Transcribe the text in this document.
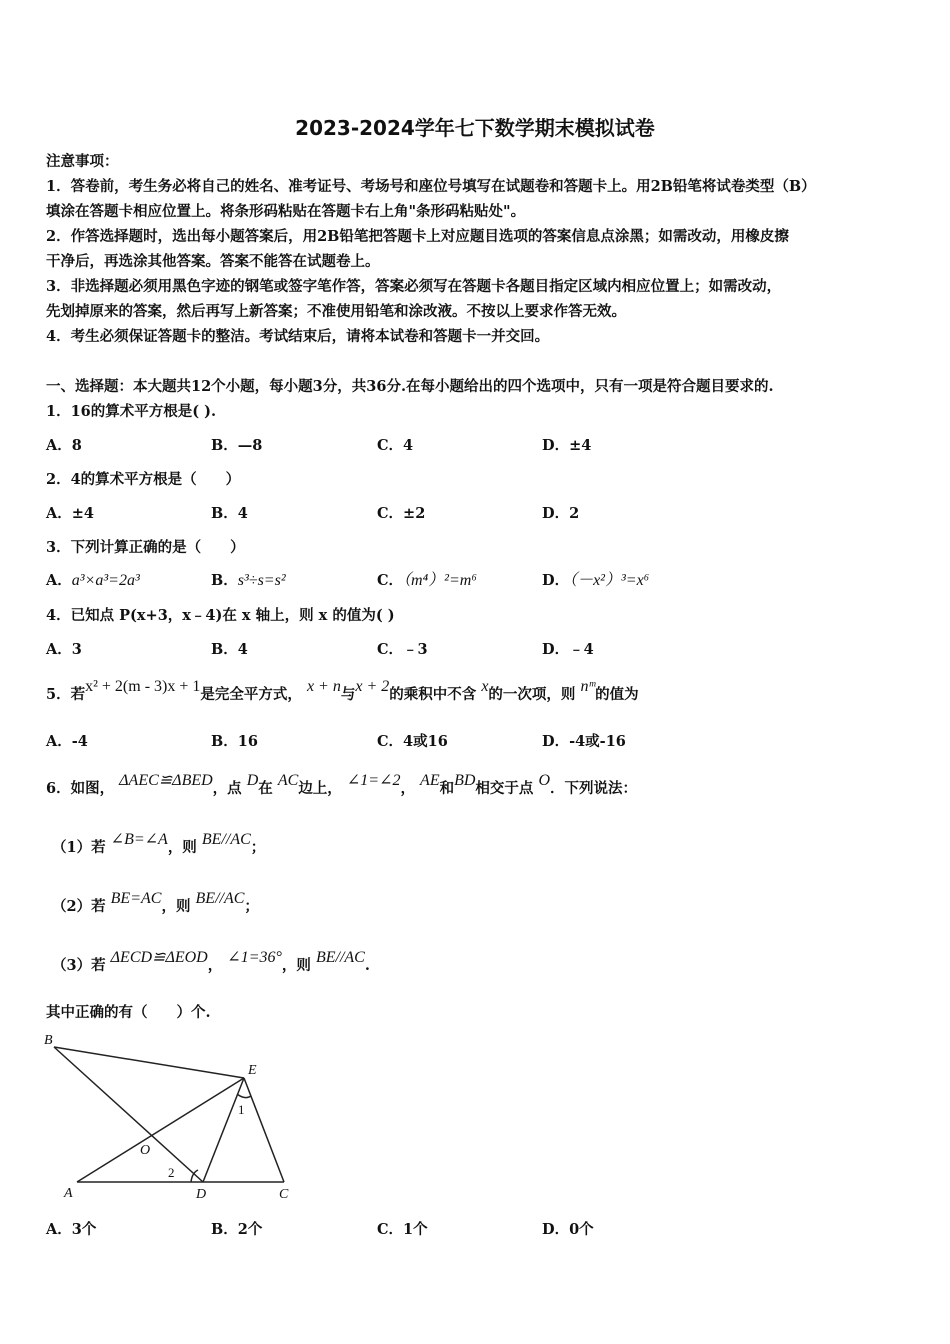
2023-2024学年七下数学期末模拟试卷
注意事项：
1．答卷前，考生务必将自己的姓名、准考证号、考场号和座位号填写在试题卷和答题卡上。用2B铅笔将试卷类型（B）
填涂在答题卡相应位置上。将条形码粘贴在答题卡右上角"条形码粘贴处"。
2．作答选择题时，选出每小题答案后，用2B铅笔把答题卡上对应题目选项的答案信息点涂黑；如需改动，用橡皮擦
干净后，再选涂其他答案。答案不能答在试题卷上。
3．非选择题必须用黑色字迹的钢笔或签字笔作答，答案必须写在答题卡各题目指定区域内相应位置上；如需改动，
先划掉原来的答案，然后再写上新答案；不准使用铅笔和涂改液。不按以上要求作答无效。
4．考生必须保证答题卡的整洁。考试结束后，请将本试卷和答题卡一并交回。
一、选择题：本大题共12个小题，每小题3分，共36分.在每小题给出的四个选项中，只有一项是符合题目要求的.
1．16的算术平方根是( ).
A．8	B．—8	C．4	D．±4
2．4的算术平方根是（　　）
A．±4	B．4	C．±2	D．2
3．下列计算正确的是（　　）
A．a³×a³=2a³	B．s³÷s=s²	C．（m⁴）²=m⁶	D．（－x²）³=x⁶
4．已知点 P(x+3，x﹣4)在 x 轴上，则 x 的值为( )
A．3	B．4	C．﹣3	D．﹣4
5．若x² + 2(m - 3)x + 1是完全平方式， x + n与x + 2的乘积中不含 x的一次项，则 nᵐ的值为
A．-4	B．16	C．4或16	D．-4或-16
6．如图， ΔAEC≌ΔBED，点 D在 AC边上， ∠1=∠2， AE和BD相交于点 O．下列说法：
（1）若 ∠B=∠A，则 BE//AC；
（2）若 BE=AC，则 BE//AC；
（3）若 ΔECD≌ΔEOD， ∠1=36°，则 BE//AC.
其中正确的有（　　）个.
B
E
O
A	D	C
1
2
A．3个	B．2个	C．1个	D．0个
